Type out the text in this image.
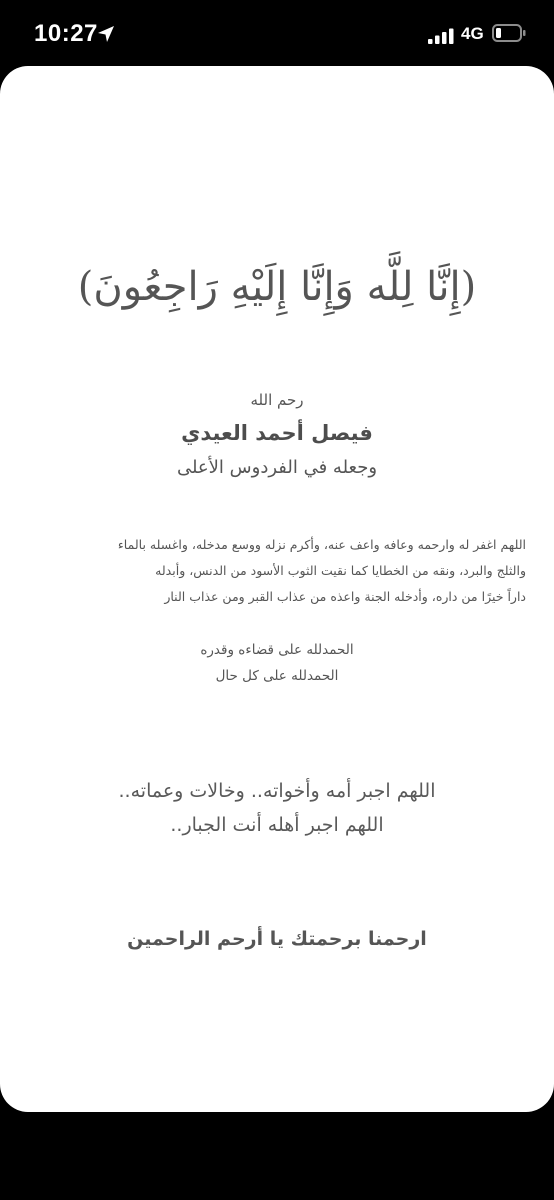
10:27	4G
(إِنَّا لِلَّه وَإِنَّا إِلَيْهِ رَاجِعُونَ)
رحم الله
فيصل أحمد العيدي
وجعله في الفردوس الأعلى
اللهم اغفر له وارحمه وعافه واعف عنه، وأكرم نزله ووسع مدخله، واغسله بالماء
والثلج والبرد، ونقه من الخطايا كما نقيت الثوب الأسود من الدنس، وأبدله
داراً خيرًا من داره، وأدخله الجنة واعذه من عذاب القبر ومن عذاب النار
الحمدلله على قضاءه وقدره
الحمدلله على كل حال
اللهم اجبر أمه وأخواته.. وخالات وعماته..
اللهم اجبر أهله أنت الجبار..
ارحمنا برحمتك يا أرحم الراحمين
